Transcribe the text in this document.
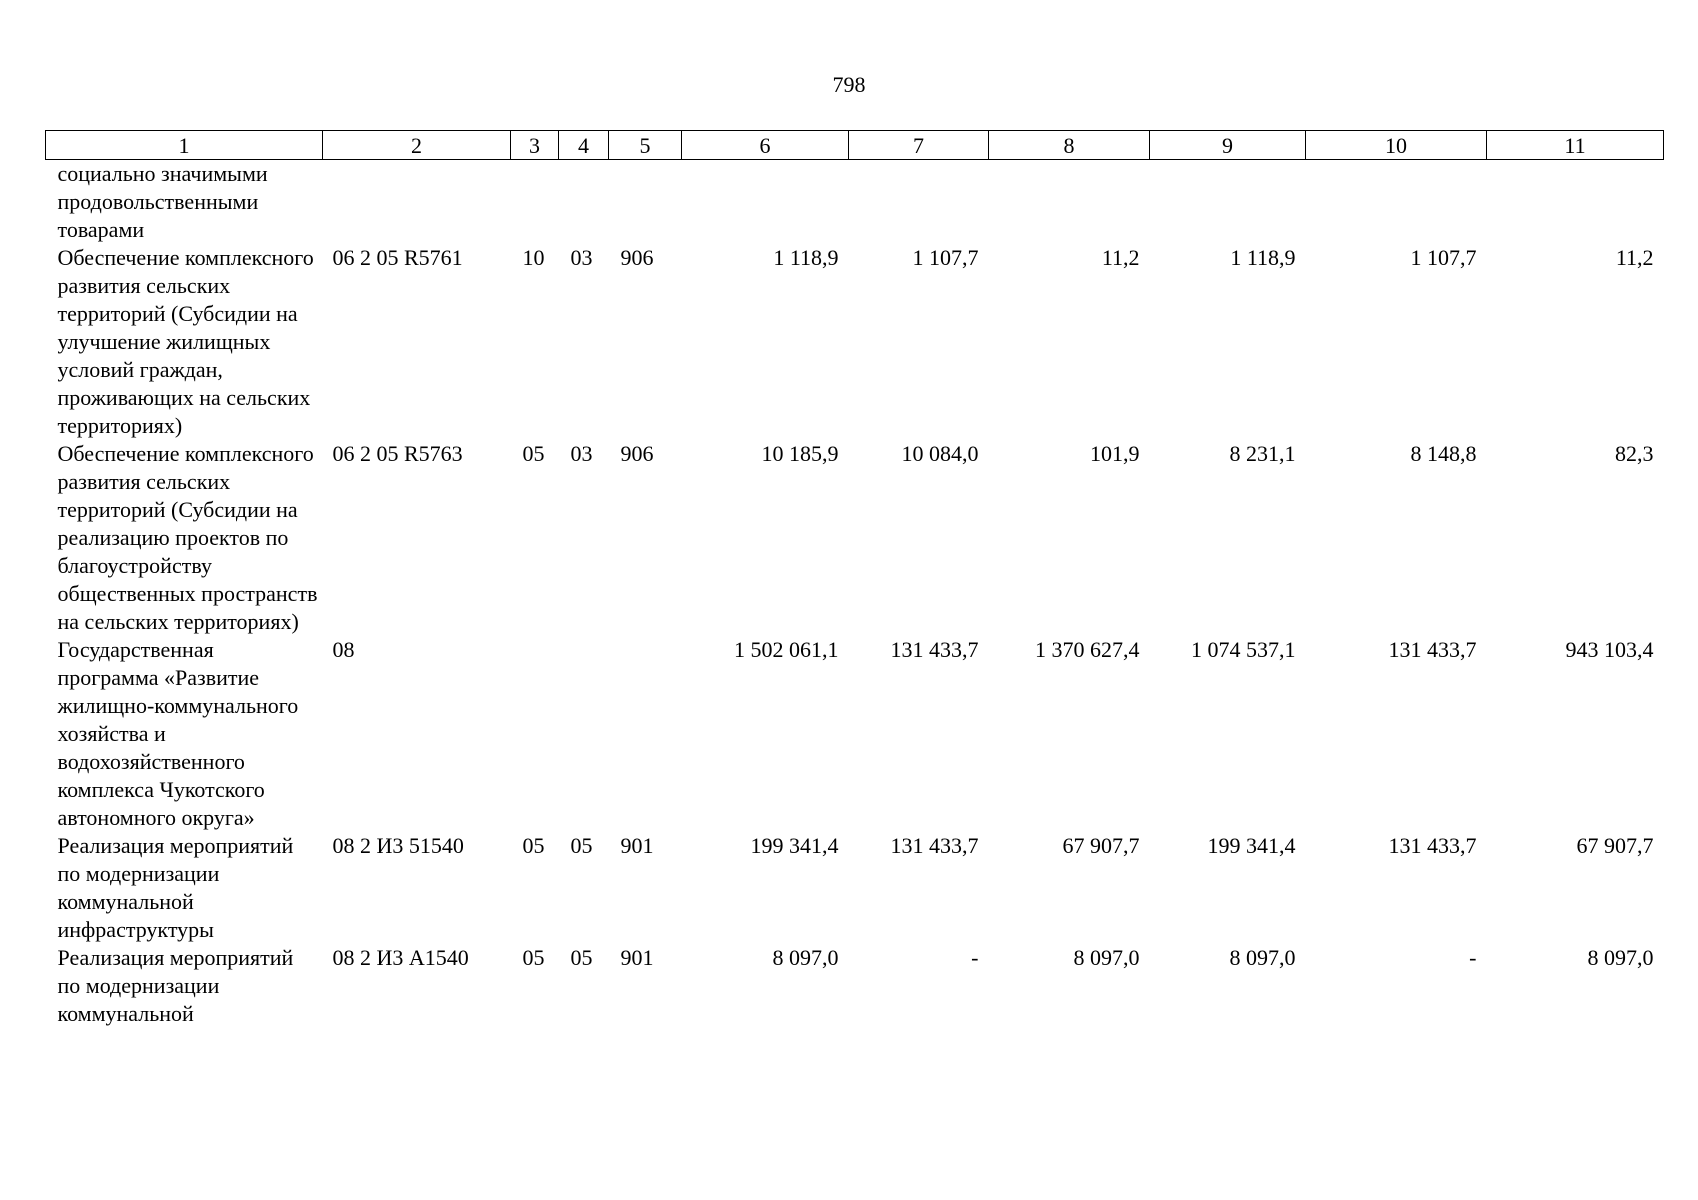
798
1	2	3	4	5	6	7	8	9	10	11
социально значимыми продовольственными товарами										
Обеспечение комплексного развития сельских территорий (Субсидии на улучшение жилищных условий граждан, проживающих на сельских территориях)	06 2 05 R5761	10	03	906	1 118,9	1 107,7	11,2	1 118,9	1 107,7	11,2
Обеспечение комплексного развития сельских территорий (Субсидии на реализацию проектов по благоустройству общественных пространств на сельских территориях)	06 2 05 R5763	05	03	906	10 185,9	10 084,0	101,9	8 231,1	8 148,8	82,3
Государственная программа «Развитие жилищно-коммунального хозяйства и водохозяйственного комплекса Чукотского автономного округа»	08				1 502 061,1	131 433,7	1 370 627,4	1 074 537,1	131 433,7	943 103,4
Реализация мероприятий по модернизации коммунальной инфраструктуры	08 2 И3 51540	05	05	901	199 341,4	131 433,7	67 907,7	199 341,4	131 433,7	67 907,7
Реализация мероприятий по модернизации коммунальной	08 2 И3 А1540	05	05	901	8 097,0	-	8 097,0	8 097,0	-	8 097,0
